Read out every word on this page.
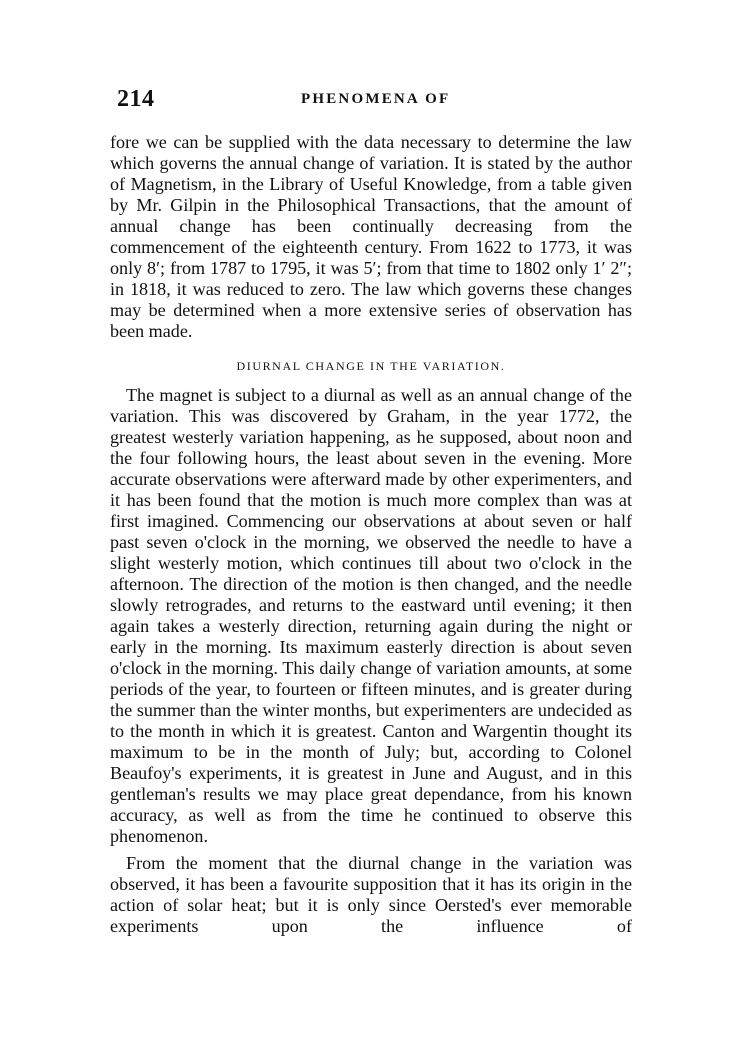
214	PHENOMENA OF

fore we can be supplied with the data necessary to determine the law which governs the annual change of variation. It is stated by the author of Magnetism, in the Library of Useful Knowledge, from a table given by Mr. Gilpin in the Philosophical Transactions, that the amount of annual change has been continually decreasing from the commencement of the eighteenth century. From 1622 to 1773, it was only 8′; from 1787 to 1795, it was 5′; from that time to 1802 only 1′ 2″; in 1818, it was reduced to zero. The law which governs these changes may be determined when a more extensive series of observation has been made.

DIURNAL CHANGE IN THE VARIATION.

The magnet is subject to a diurnal as well as an annual change of the variation. This was discovered by Graham, in the year 1772, the greatest westerly variation happening, as he supposed, about noon and the four following hours, the least about seven in the evening. More accurate observations were afterward made by other experimenters, and it has been found that the motion is much more complex than was at first imagined. Commencing our observations at about seven or half past seven o'clock in the morning, we observed the needle to have a slight westerly motion, which continues till about two o'clock in the afternoon. The direction of the motion is then changed, and the needle slowly retrogrades, and returns to the eastward until evening; it then again takes a westerly direction, returning again during the night or early in the morning. Its maximum easterly direction is about seven o'clock in the morning. This daily change of variation amounts, at some periods of the year, to fourteen or fifteen minutes, and is greater during the summer than the winter months, but experimenters are undecided as to the month in which it is greatest. Canton and Wargentin thought its maximum to be in the month of July; but, according to Colonel Beaufoy's experiments, it is greatest in June and August, and in this gentleman's results we may place great dependance, from his known accuracy, as well as from the time he continued to observe this phenomenon.

From the moment that the diurnal change in the variation was observed, it has been a favourite supposition that it has its origin in the action of solar heat; but it is only since Oersted's ever memorable experiments upon the influence of
